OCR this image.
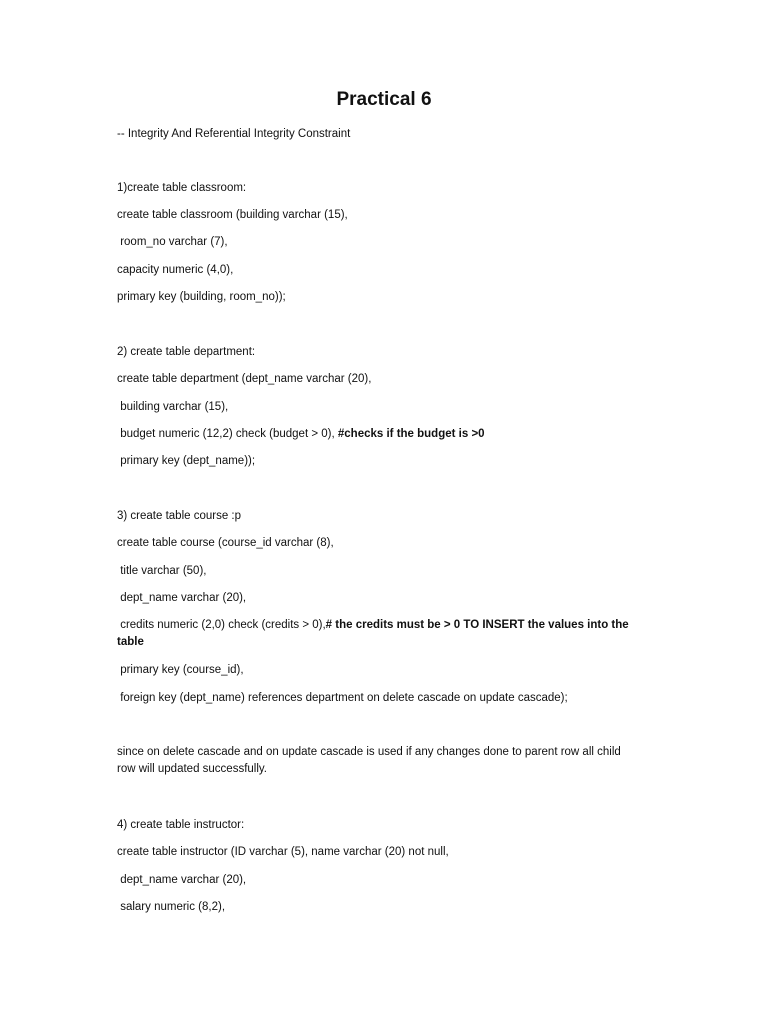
Practical 6

-- Integrity And Referential Integrity Constraint

1)create table classroom:

create table classroom (building varchar (15),

room_no varchar (7),

capacity numeric (4,0),

primary key (building, room_no));

2) create table department:

create table department (dept_name varchar (20),

building varchar (15),

budget numeric (12,2) check (budget > 0), #checks if the budget is >0

primary key (dept_name));

3) create table course :p

create table course (course_id varchar (8),

title varchar (50),

dept_name varchar (20),

credits numeric (2,0) check (credits > 0),# the credits must be > 0 TO INSERT the values into the table

primary key (course_id),

foreign key (dept_name) references department on delete cascade on update cascade);

since on delete cascade and on update cascade is used if any changes done to parent row all child row will updated successfully.

4) create table instructor:

create table instructor (ID varchar (5), name varchar (20) not null,

dept_name varchar (20),

salary numeric (8,2),
